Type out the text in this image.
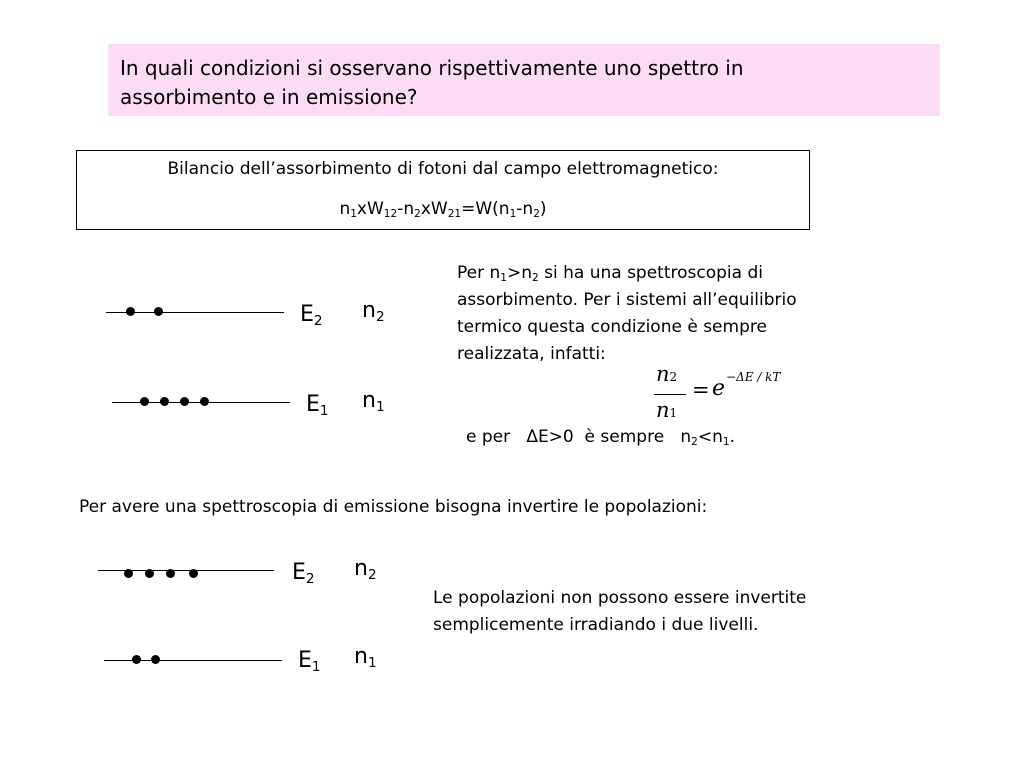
In quali condizioni si osservano rispettivamente uno spettro in
assorbimento e in emissione?
Bilancio dell’assorbimento di fotoni dal campo elettromagnetico:
$n_1xW_{12}-n_2xW_{21}=W(n_1-n_2)$
$E_2$ $n_2$
$E_1$ $n_1$
Per $n_1>n_2$ si ha una spettroscopia di
assorbimento. Per i sistemi all’equilibrio
termico questa condizione è sempre
realizzata, infatti:
n2
n1
= e −ΔE / kT
e per   ΔE>0  è sempre   $n_2<n_1$.
Per avere una spettroscopia di emissione bisogna invertire le popolazioni:
$E_2$ $n_2$
$E_1$ $n_1$
Le popolazioni non possono essere invertite
semplicemente irradiando i due livelli.
